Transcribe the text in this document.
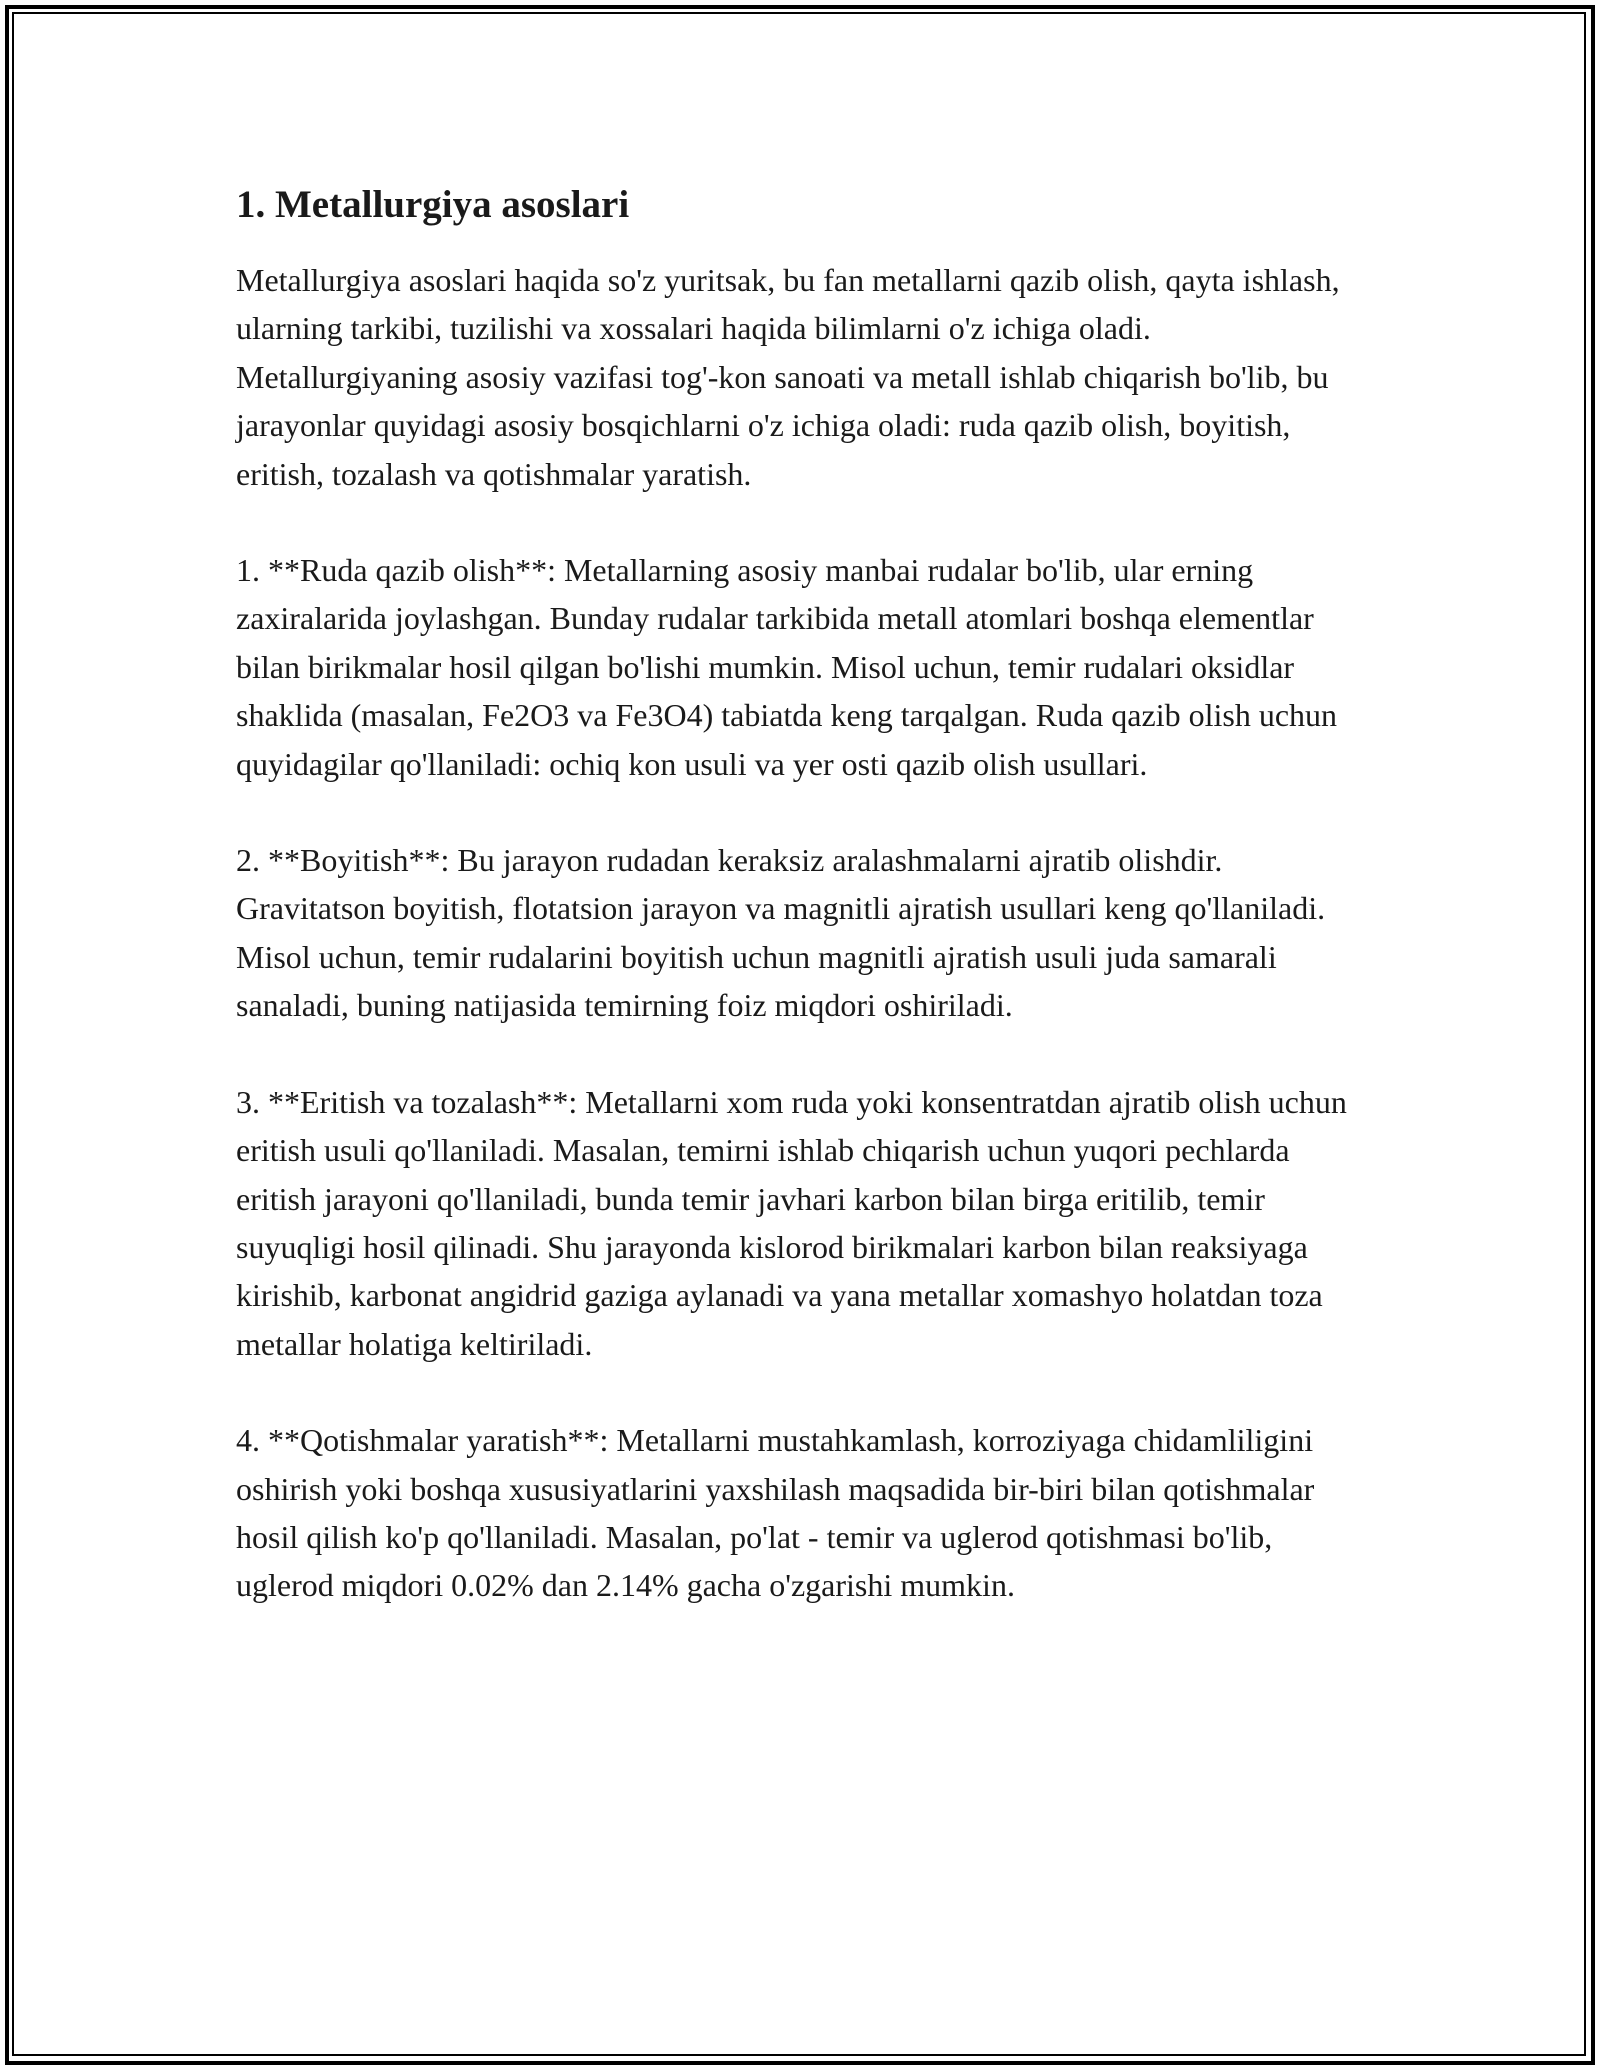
1. Metallurgiya asoslari

Metallurgiya asoslari haqida so'z yuritsak, bu fan metallarni qazib olish, qayta ishlash, ularning tarkibi, tuzilishi va xossalari haqida bilimlarni o'z ichiga oladi. Metallurgiyaning asosiy vazifasi tog'-kon sanoati va metall ishlab chiqarish bo'lib, bu jarayonlar quyidagi asosiy bosqichlarni o'z ichiga oladi: ruda qazib olish, boyitish, eritish, tozalash va qotishmalar yaratish.

1. **Ruda qazib olish**: Metallarning asosiy manbai rudalar bo'lib, ular erning zaxiralarida joylashgan. Bunday rudalar tarkibida metall atomlari boshqa elementlar bilan birikmalar hosil qilgan bo'lishi mumkin. Misol uchun, temir rudalari oksidlar shaklida (masalan, Fe2O3 va Fe3O4) tabiatda keng tarqalgan. Ruda qazib olish uchun quyidagilar qo'llaniladi: ochiq kon usuli va yer osti qazib olish usullari.

2. **Boyitish**: Bu jarayon rudadan keraksiz aralashmalarni ajratib olishdir. Gravitatson boyitish, flotatsion jarayon va magnitli ajratish usullari keng qo'llaniladi. Misol uchun, temir rudalarini boyitish uchun magnitli ajratish usuli juda samarali sanaladi, buning natijasida temirning foiz miqdori oshiriladi.

3. **Eritish va tozalash**: Metallarni xom ruda yoki konsentratdan ajratib olish uchun eritish usuli qo'llaniladi. Masalan, temirni ishlab chiqarish uchun yuqori pechlarda eritish jarayoni qo'llaniladi, bunda temir javhari karbon bilan birga eritilib, temir suyuqligi hosil qilinadi. Shu jarayonda kislorod birikmalari karbon bilan reaksiyaga kirishib, karbonat angidrid gaziga aylanadi va yana metallar xomashyo holatdan toza metallar holatiga keltiriladi.

4. **Qotishmalar yaratish**: Metallarni mustahkamlash, korroziyaga chidamliligini oshirish yoki boshqa xususiyatlarini yaxshilash maqsadida bir-biri bilan qotishmalar hosil qilish ko'p qo'llaniladi. Masalan, po'lat - temir va uglerod qotishmasi bo'lib, uglerod miqdori 0.02% dan 2.14% gacha o'zgarishi mumkin.
